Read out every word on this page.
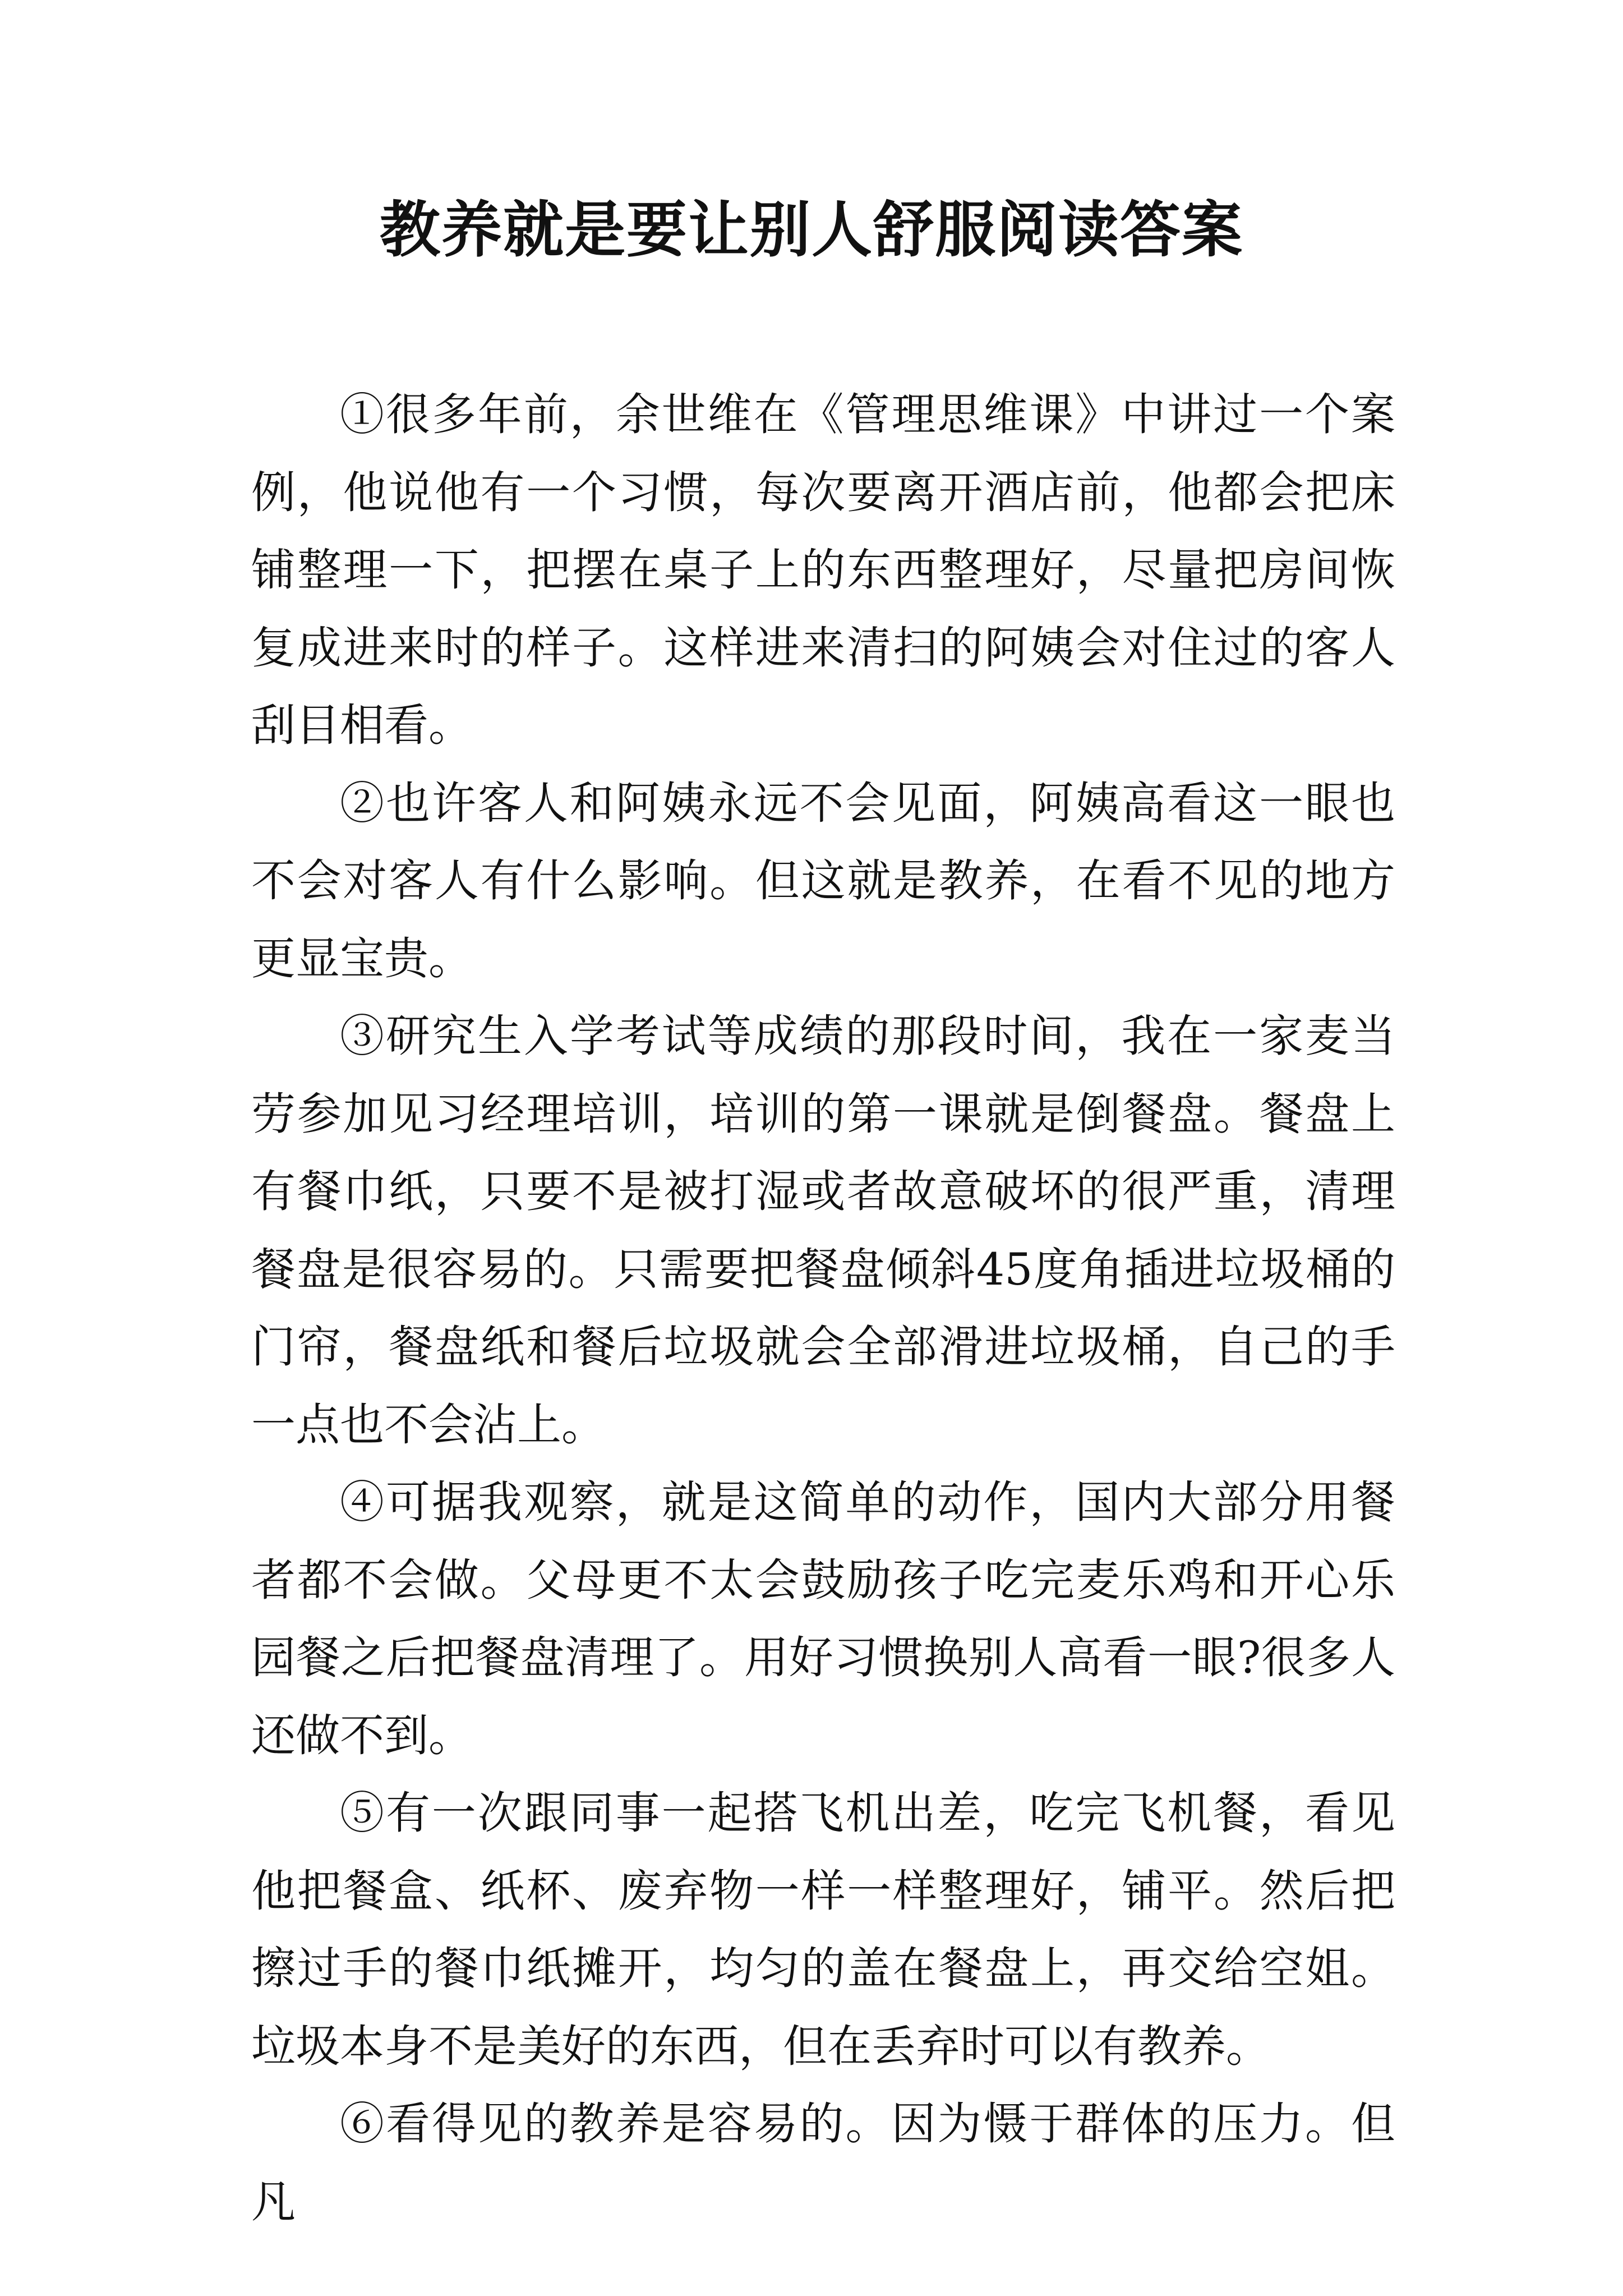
教养就是要让别人舒服阅读答案

①很多年前，余世维在《管理思维课》中讲过一个案例，他说他有一个习惯，每次要离开酒店前，他都会把床铺整理一下，把摆在桌子上的东西整理好，尽量把房间恢复成进来时的样子。这样进来清扫的阿姨会对住过的客人刮目相看。

②也许客人和阿姨永远不会见面，阿姨高看这一眼也不会对客人有什么影响。但这就是教养，在看不见的地方更显宝贵。

③研究生入学考试等成绩的那段时间，我在一家麦当劳参加见习经理培训，培训的第一课就是倒餐盘。餐盘上有餐巾纸，只要不是被打湿或者故意破坏的很严重，清理餐盘是很容易的。只需要把餐盘倾斜45度角插进垃圾桶的门帘，餐盘纸和餐后垃圾就会全部滑进垃圾桶，自己的手一点也不会沾上。

④可据我观察，就是这简单的动作，国内大部分用餐者都不会做。父母更不太会鼓励孩子吃完麦乐鸡和开心乐园餐之后把餐盘清理了。用好习惯换别人高看一眼?很多人还做不到。

⑤有一次跟同事一起搭飞机出差，吃完飞机餐，看见他把餐盒、纸杯、废弃物一样一样整理好，铺平。然后把擦过手的餐巾纸摊开，均匀的盖在餐盘上，再交给空姐。垃圾本身不是美好的东西，但在丢弃时可以有教养。

⑥看得见的教养是容易的。因为慑于群体的压力。但凡
